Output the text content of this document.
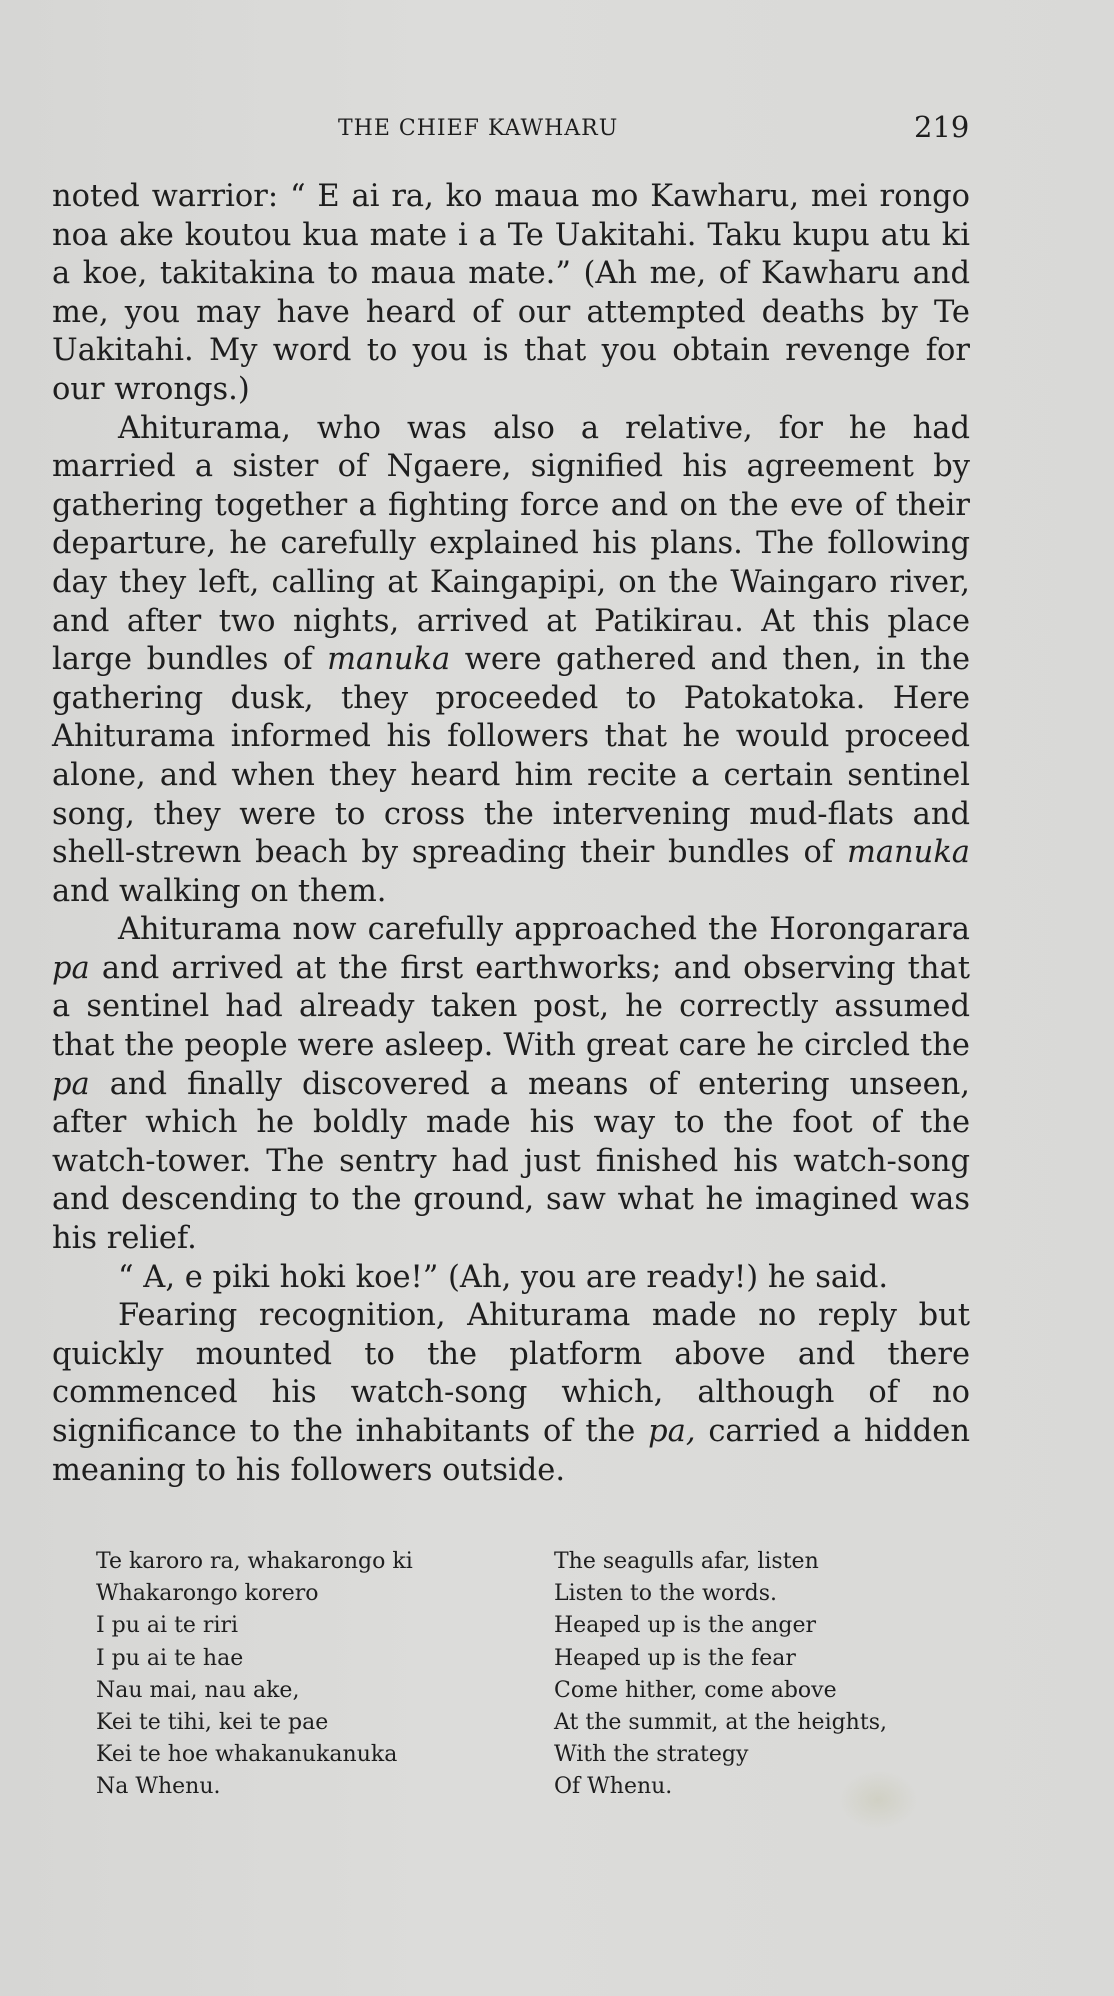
THE CHIEF KAWHARU	219

noted warrior: “ E ai ra, ko maua mo Kawharu, mei rongo noa ake koutou kua mate i a Te Uakitahi. Taku kupu atu ki a koe, takitakina to maua mate.” (Ah me, of Kawharu and me, you may have heard of our attempted deaths by Te Uakitahi. My word to you is that you obtain revenge for our wrongs.)

Ahiturama, who was also a relative, for he had married a sister of Ngaere, signified his agreement by gathering together a fighting force and on the eve of their departure, he carefully explained his plans. The following day they left, calling at Kaingapipi, on the Waingaro river, and after two nights, arrived at Patikirau. At this place large bundles of manuka were gathered and then, in the gathering dusk, they proceeded to Patokatoka. Here Ahiturama informed his followers that he would proceed alone, and when they heard him recite a certain sentinel song, they were to cross the intervening mud-flats and shell-strewn beach by spreading their bundles of manuka and walking on them.

Ahiturama now carefully approached the Horongarara pa and arrived at the first earthworks; and observing that a sentinel had already taken post, he correctly assumed that the people were asleep. With great care he circled the pa and finally discovered a means of entering unseen, after which he boldly made his way to the foot of the watch-tower. The sentry had just finished his watch-song and descending to the ground, saw what he imagined was his relief.

“ A, e piki hoki koe!” (Ah, you are ready!) he said.

Fearing recognition, Ahiturama made no reply but quickly mounted to the platform above and there commenced his watch-song which, although of no significance to the inhabitants of the pa, carried a hidden meaning to his followers outside.

Te karoro ra, whakarongo ki
Whakarongo korero
I pu ai te riri
I pu ai te hae
Nau mai, nau ake,
Kei te tihi, kei te pae
Kei te hoe whakanukanuka
Na Whenu.
The seagulls afar, listen
Listen to the words.
Heaped up is the anger
Heaped up is the fear
Come hither, come above
At the summit, at the heights,
With the strategy
Of Whenu.
